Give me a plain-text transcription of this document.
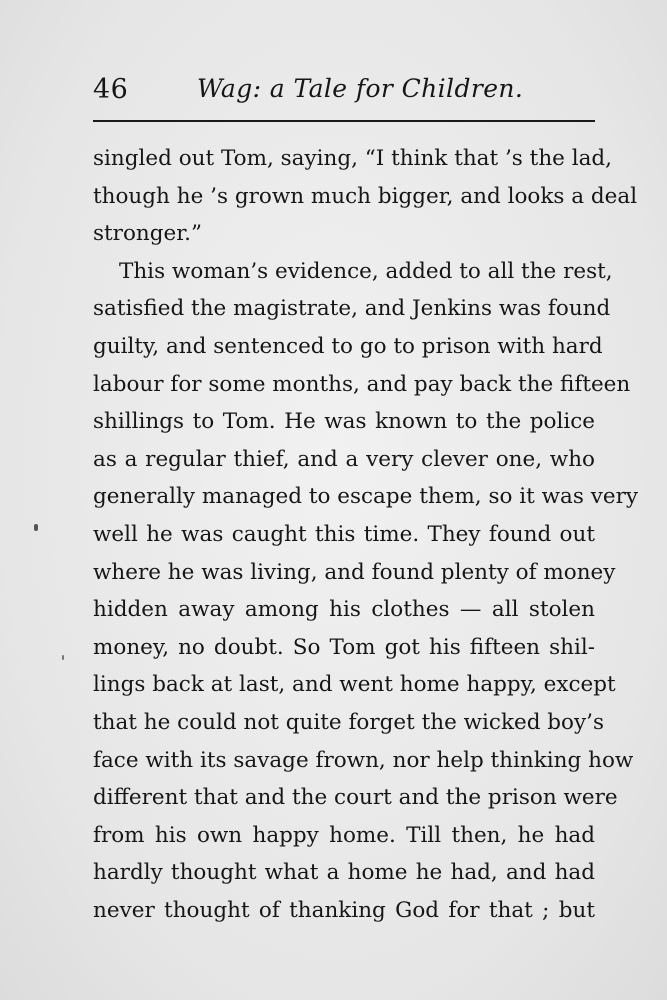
46	Wag: a Tale for Children.
singled out Tom, saying, “I think that ’s the lad,
though he ’s grown much bigger, and looks a deal
stronger.”
This woman’s evidence, added to all the rest,
satisfied the magistrate, and Jenkins was found
guilty, and sentenced to go to prison with hard
labour for some months, and pay back the fifteen
shillings to Tom. He was known to the police
as a regular thief, and a very clever one, who
generally managed to escape them, so it was very
well he was caught this time. They found out
where he was living, and found plenty of money
hidden away among his clothes — all stolen
money, no doubt. So Tom got his fifteen shil-
lings back at last, and went home happy, except
that he could not quite forget the wicked boy’s
face with its savage frown, nor help thinking how
different that and the court and the prison were
from his own happy home. Till then, he had
hardly thought what a home he had, and had
never thought of thanking God for that ; but
